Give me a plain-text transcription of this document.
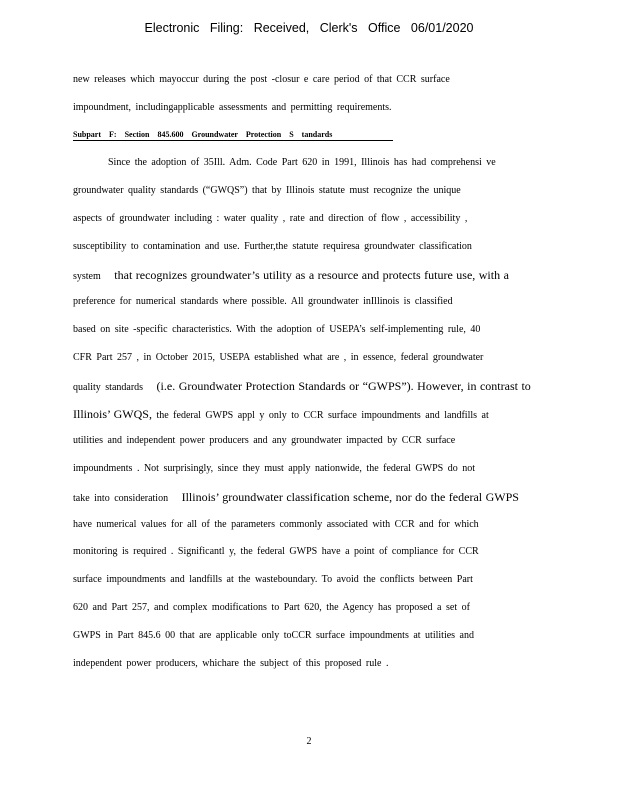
Electronic Filing: Received, Clerk's Office 06/01/2020
new releases which mayoccur during the post -closur e care period of that CCR surface
impoundment, includingapplicable assessments and permitting requirements.
Subpart F: Section 845.600 Groundwater Protection S tandards
Since the adoption of 35Ill. Adm. Code Part 620 in 1991, Illinois has had comprehensi ve
groundwater quality standards (“GWQS”) that by Illinois statute must recognize the unique
aspects of groundwater including : water quality , rate and direction of flow , accessibility ,
susceptibility to contamination and use. Further,the statute requiresa groundwater classification
system that recognizes groundwater’s utility as a resource and protects future use, with a
preference for numerical standards where possible. All groundwater inIllinois is classified
based on site -specific characteristics. With the adoption of USEPA’s self-implementing rule, 40
CFR Part 257 , in October 2015, USEPA established what are , in essence, federal groundwater
quality standards (i.e. Groundwater Protection Standards or “GWPS”). However, in contrast to
Illinois’ GWQS, the federal GWPS appl y only to CCR surface impoundments and landfills at
utilities and independent power producers and any groundwater impacted by CCR surface
impoundments . Not surprisingly, since they must apply nationwide, the federal GWPS do not
take into consideration Illinois’ groundwater classification scheme, nor do the federal GWPS
have numerical values for all of the parameters commonly associated with CCR and for which
monitoring is required . Significantl y, the federal GWPS have a point of compliance for CCR
surface impoundments and landfills at the wasteboundary. To avoid the conflicts between Part
620 and Part 257, and complex modifications to Part 620, the Agency has proposed a set of
GWPS in Part 845.6 00 that are applicable only toCCR surface impoundments at utilities and
independent power producers, whichare the subject of this proposed rule .
2
